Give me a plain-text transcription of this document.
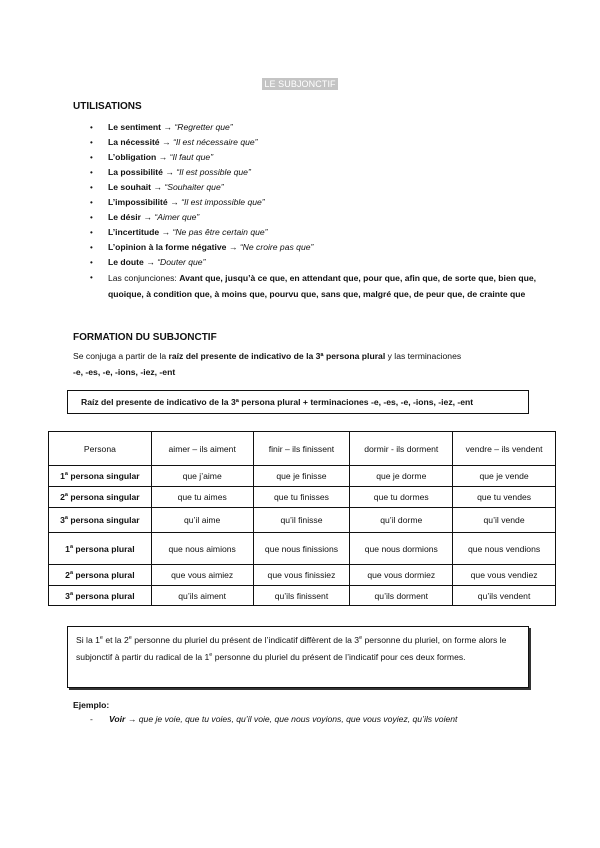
LE SUBJONCTIF
UTILISATIONS
• Le sentiment → “Regretter que”
• La nécessité → “Il est nécessaire que”
• L’obligation → “Il faut que”
• La possibilité → “Il est possible que”
• Le souhait → “Souhaiter que”
• L’impossibilité → “Il est impossible que”
• Le désir → “Aimer que”
• L’incertitude → “Ne pas être certain que”
• L’opinion à la forme négative → “Ne croire pas que”
• Le doute → “Douter que”
• Las conjunciones: Avant que, jusqu’à ce que, en attendant que, pour que, afin que, de sorte que, bien que, quoique, à condition que, à moins que, pourvu que, sans que, malgré que, de peur que, de crainte que
FORMATION DU SUBJONCTIF
Se conjuga a partir de la raíz del presente de indicativo de la 3ª persona plural y las terminaciones
-e, -es, -e, -ions, -iez, -ent
Raíz del presente de indicativo de la 3ª persona plural + terminaciones -e, -es, -e, -ions, -iez, -ent
Persona	aimer – ils aiment	finir – ils finissent	dormir - ils dorment	vendre – ils vendent
1$^a$ persona singular	que j’aime	que je finisse	que je dorme	que je vende
2$^a$ persona singular	que tu aimes	que tu finisses	que tu dormes	que tu vendes
3$^a$ persona singular	qu’il aime	qu’il finisse	qu’il dorme	qu’il vende
1$^a$ persona plural	que nous aimions	que nous finissions	que nous dormions	que nous vendions
2$^a$ persona plural	que vous aimiez	que vous finissiez	que vous dormiez	que vous vendiez
3$^a$ persona plural	qu’ils aiment	qu’ils finissent	qu’ils dorment	qu’ils vendent
Si la 1e et la 2e personne du pluriel du présent de l’indicatif diffèrent de la 3e personne du pluriel, on forme alors le subjonctif à partir du radical de la 1e personne du pluriel du présent de l’indicatif pour ces deux formes.
Ejemplo:
- Voir → que je voie, que tu voies, qu’il voie, que nous voyions, que vous voyiez, qu’ils voient
